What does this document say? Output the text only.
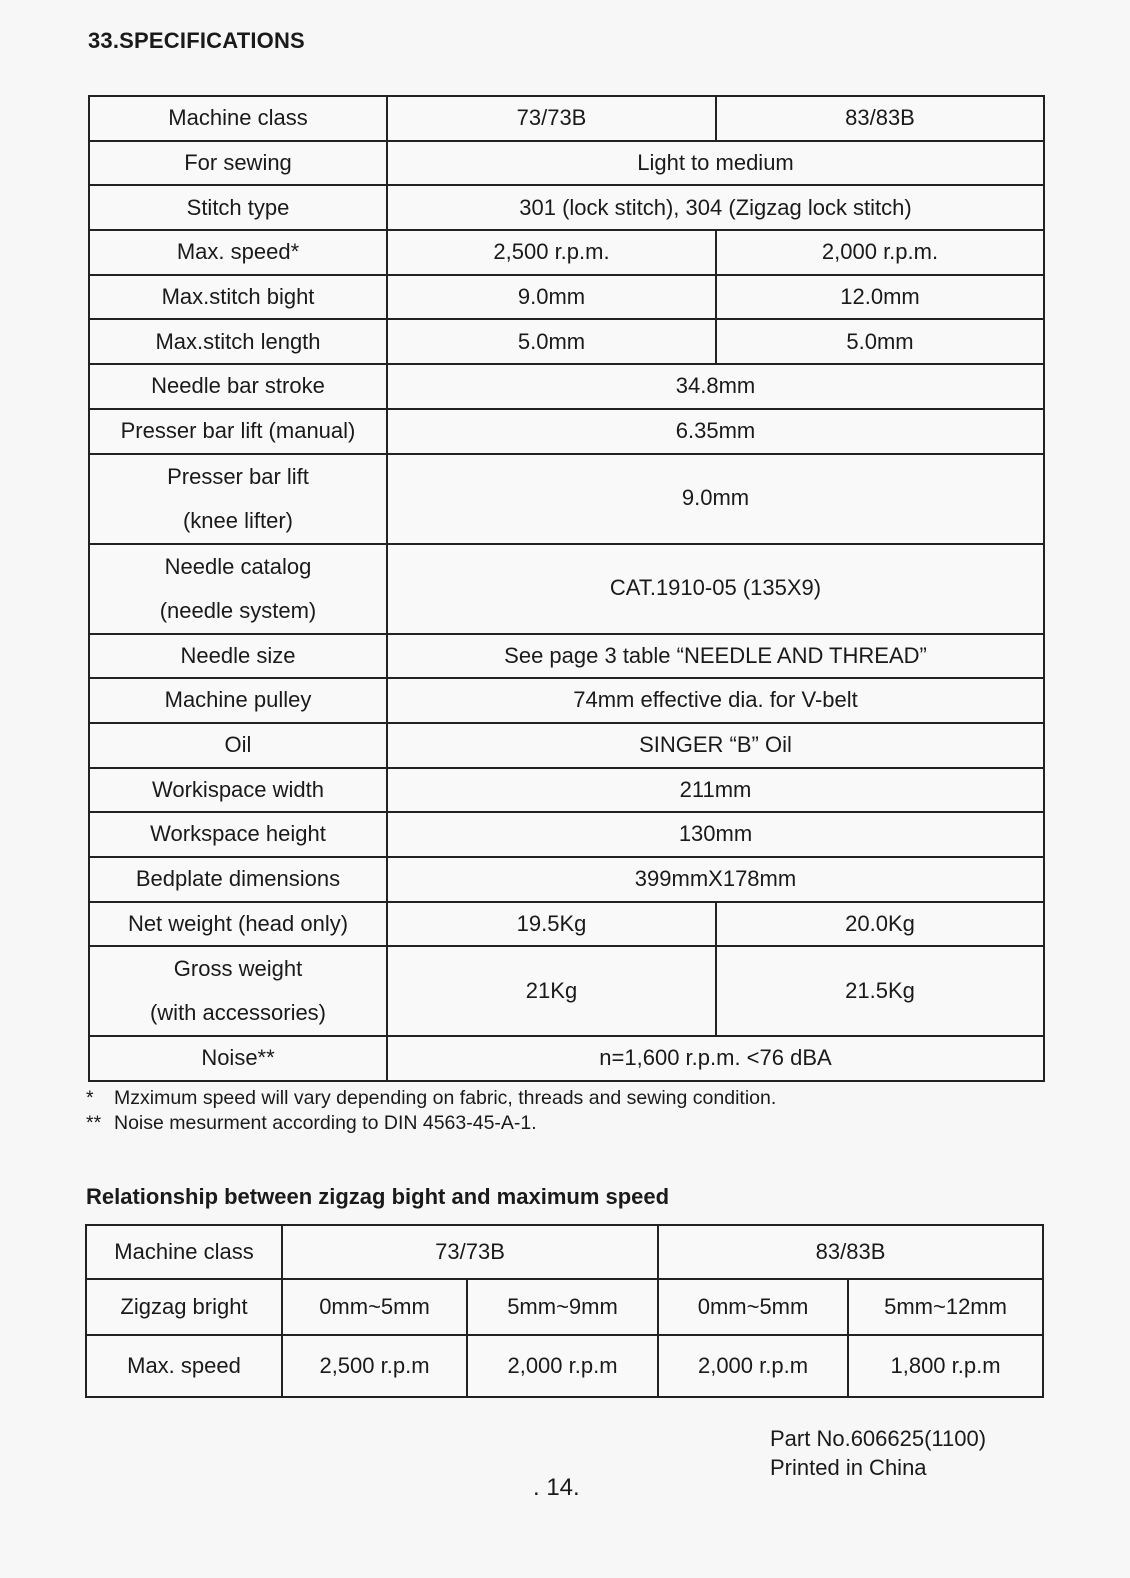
33.SPECIFICATIONS
Machine class	73/73B	83/83B
For sewing	Light to medium	
Stitch type	301 (lock stitch), 304 (Zigzag lock stitch)	
Max. speed*	2,500 r.p.m.	2,000 r.p.m.
Max.stitch bight	9.0mm	12.0mm
Max.stitch length	5.0mm	5.0mm
Needle bar stroke	34.8mm	
Presser bar lift (manual)	6.35mm	

Presser bar lift
(knee lifter)	9.0mm	

Needle catalog
(needle system)	CAT.1910-05 (135X9)	
Needle size	See page 3 table “NEEDLE AND THREAD”	
Machine pulley	74mm effective dia. for V-belt	
Oil	SINGER “B” Oil	
Workispace width	211mm	
Workspace height	130mm	
Bedplate dimensions	399mmX178mm	
Net weight (head only)	19.5Kg	20.0Kg

Gross weight
(with accessories)	21Kg	21.5Kg
Noise**	n=1,600 r.p.m. <76 dBA	
* Mzximum speed will vary depending on fabric, threads and sewing condition.
** Noise mesurment according to DIN 4563-45-A-1.
Relationship between zigzag bight and maximum speed
Machine class	73/73B		83/83B	
Zigzag bright	0mm~5mm	5mm~9mm	0mm~5mm	5mm~12mm
Max. speed	2,500 r.p.m	2,000 r.p.m	2,000 r.p.m	1,800 r.p.m
Part No.606625(1100)
Printed in China
. 14.
